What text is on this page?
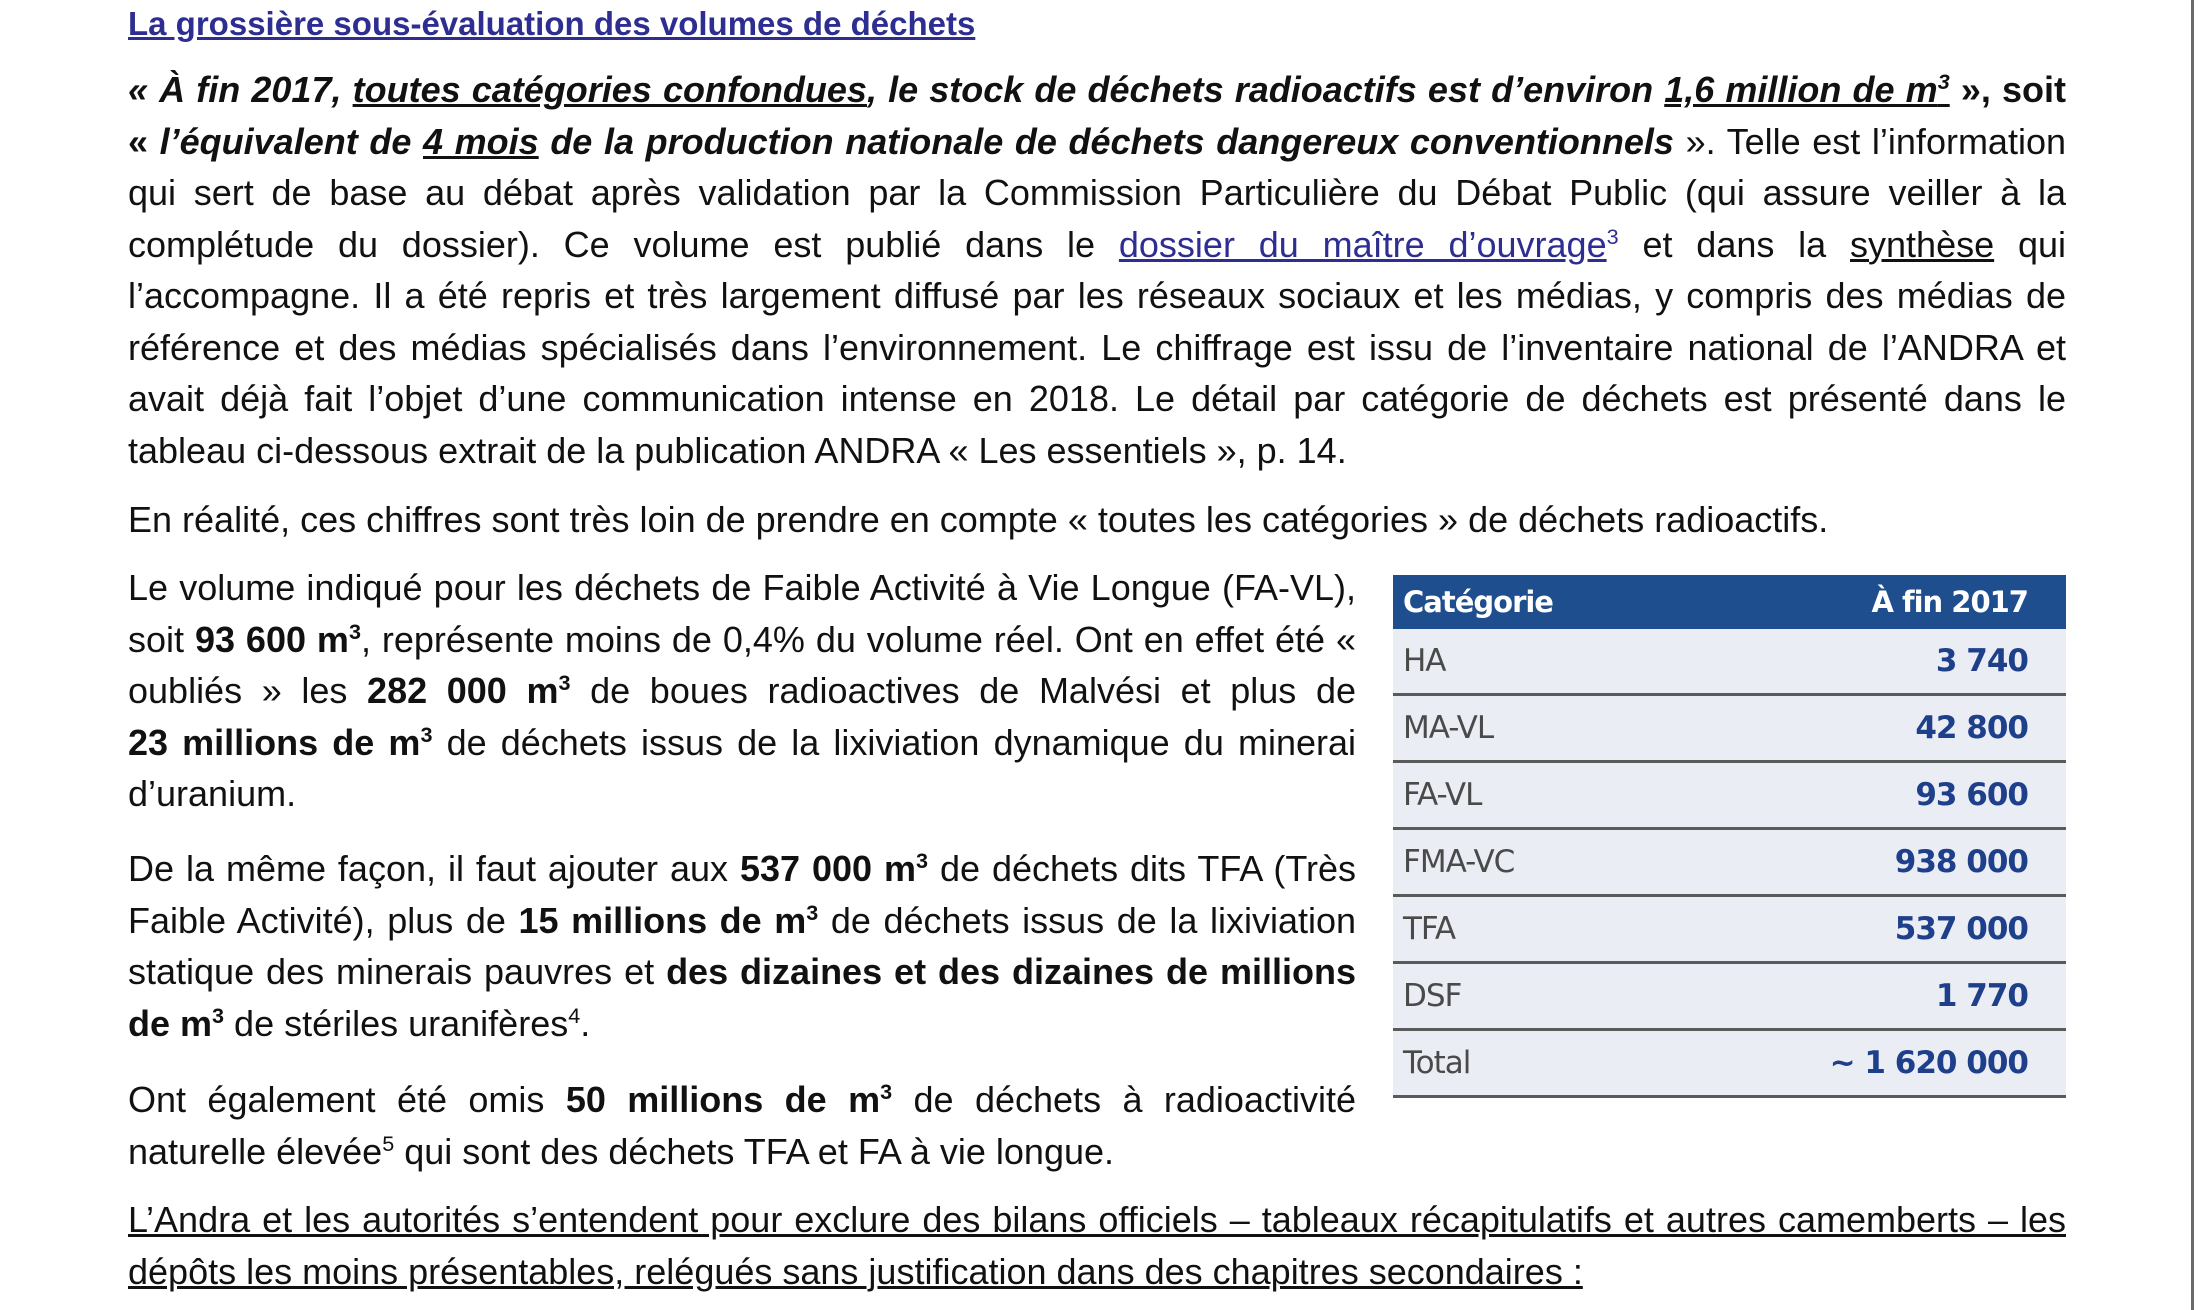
La grossière sous-évaluation des volumes de déchets

« À fin 2017, toutes catégories confondues, le stock de déchets radioactifs est d’environ 1,6 million de $m^3$ », soit « l’équivalent de 4 mois de la production nationale de déchets dangereux conventionnels ». Telle est l’information qui sert de base au débat après validation par la Commission Particulière du Débat Public (qui assure veiller à la complétude du dossier). Ce volume est publié dans le dossier du maître d’ouvrage$^3$ et dans la synthèse qui l’accompagne. Il a été repris et très largement diffusé par les réseaux sociaux et les médias, y compris des médias de référence et des médias spécialisés dans l’environnement. Le chiffrage est issu de l’inventaire national de l’ANDRA et avait déjà fait l’objet d’une communication intense en 2018. Le détail par catégorie de déchets est présenté dans le tableau ci-dessous extrait de la publication ANDRA « Les essentiels », p. 14.

En réalité, ces chiffres sont très loin de prendre en compte « toutes les catégories » de déchets radioactifs.

Le volume indiqué pour les déchets de Faible Activité à Vie Longue (FA-VL), soit 93 600 $m^3$, représente moins de 0,4% du volume réel. Ont en effet été « oubliés » les 282 000 $m^3$ de boues radioactives de Malvési et plus de 23 millions de $m^3$ de déchets issus de la lixiviation dynamique du minerai d’uranium.

De la même façon, il faut ajouter aux 537 000 $m^3$ de déchets dits TFA (Très Faible Activité), plus de 15 millions de $m^3$ de déchets issus de la lixiviation statique des minerais pauvres et des dizaines et des dizaines de millions de $m^3$ de stériles uranifères$^4$.

Ont également été omis 50 millions de $m^3$ de déchets à radioactivité naturelle élevée$^5$ qui sont des déchets TFA et FA à vie longue.

L’Andra et les autorités s’entendent pour exclure des bilans officiels – tableaux récapitulatifs et autres camemberts – les dépôts les moins présentables, relégués sans justification dans des chapitres secondaires :

Catégorie	À fin 2017
HA	3 740
MA-VL	42 800
FA-VL	93 600
FMA-VC	938 000
TFA	537 000
DSF	1 770
Total	~ 1 620 000
